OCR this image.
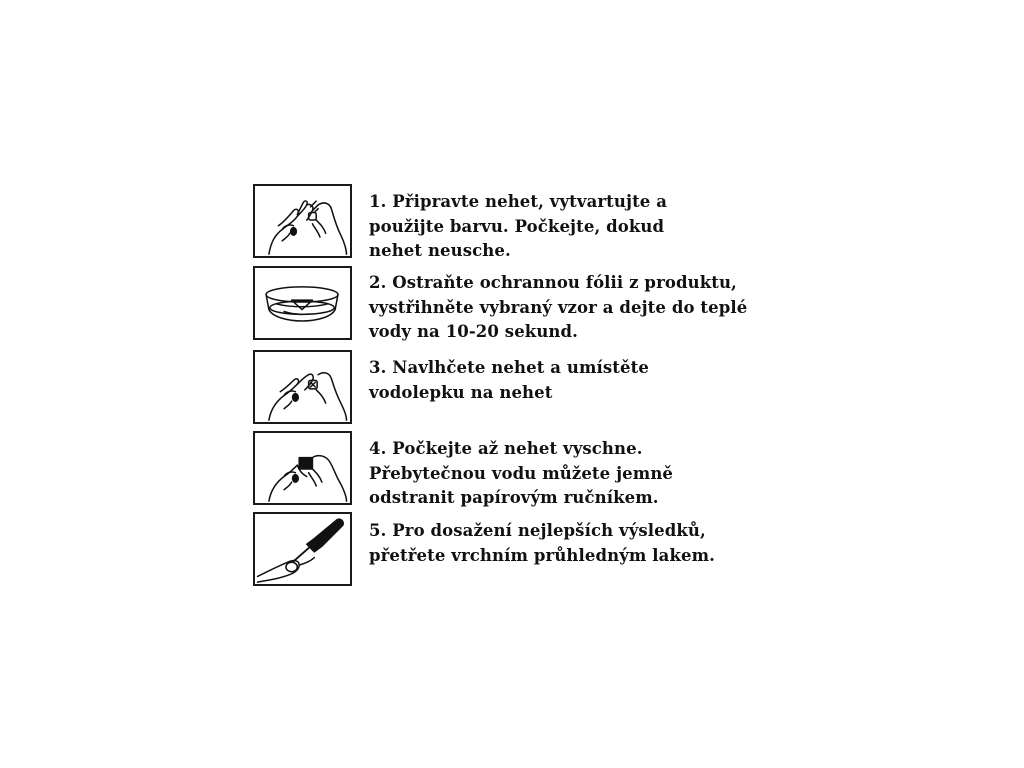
1. Připravte nehet, vytvartujte a
použijte barvu. Počkejte, dokud
nehet neusche.
2. Ostraňte ochrannou fólii z produktu,
vystřihněte vybraný vzor a dejte do teplé
vody na 10-20 sekund.
3. Navlhčete nehet a umístěte
vodolepku na nehet
4. Počkejte až nehet vyschne.
Přebytečnou vodu můžete jemně
odstranit papírovým ručníkem.
5. Pro dosažení nejlepších výsledků,
přetřete vrchním průhledným lakem.
